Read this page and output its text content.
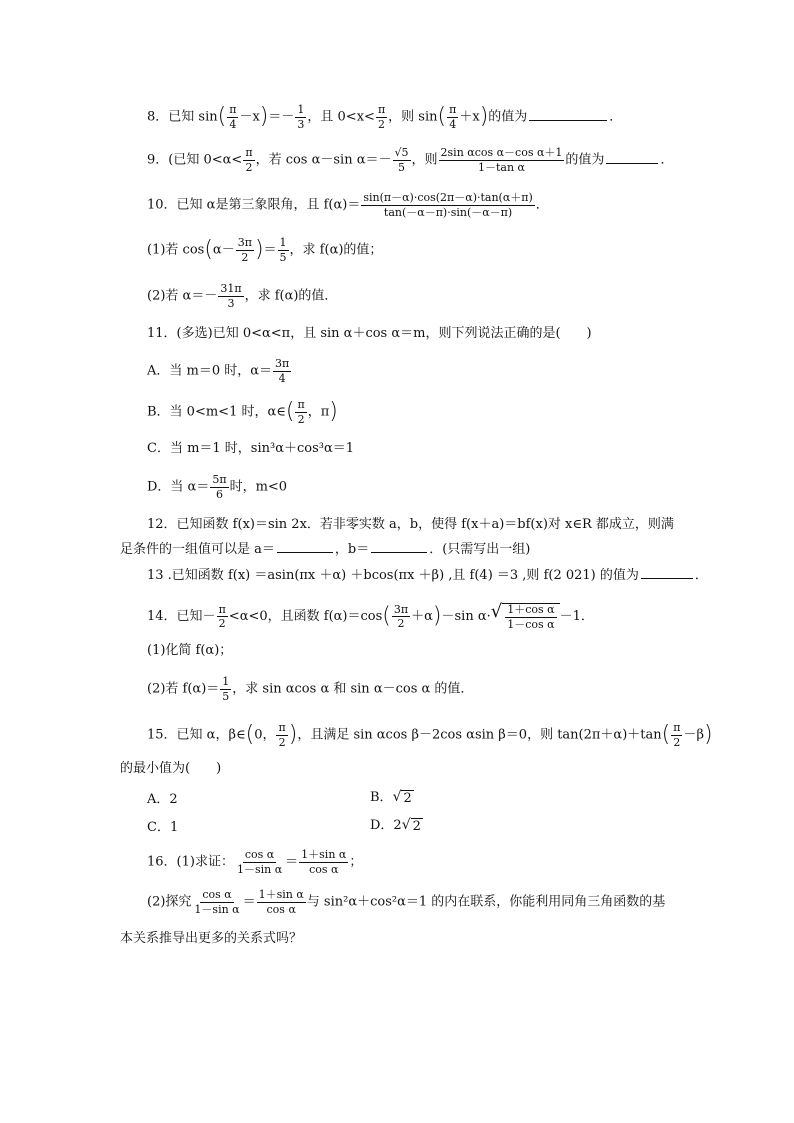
8．已知 $\sin( \frac{\pi}{4} -x)=- \frac{1}{3}$ ，且 $0<x< \frac{\pi}{2}$ ，则 $\sin( \frac{\pi}{4} +x)$的值为	．
9．(已知 $0<\alpha< \frac{\pi}{2}$ ，若 cos α－sin $\alpha=- \frac{√5}{5}$ ，则 $\frac{\text{2sin αcos α－cos α＋1}}{\text{1－tan α}}$ 的值为	．
10．已知 α是第三象限角，且 $f(\alpha)= \frac{\sin(\pi-\alpha)\cdot\cos(2\pi-\alpha)\cdot\tan(\alpha+\pi)}{\tan(-\alpha-\pi)\cdot\sin(-\alpha-\pi)}$ ．
(1)若 $\cos(\alpha- \frac{3\pi}{2}$ )＝ $\frac{1}{5}$ ，求 f(α)的值；
(2)若 $\alpha=- \frac{31\pi}{3}$ ，求 f(α)的值．
11．(多选)已知 0<α<π，且 sin α＋cos α＝m，则下列说法正确的是(　　)
A．当 m＝0 时，$\alpha= \frac{3\pi}{4}$
B．当 0<m<1 时，α∈( $\frac{\pi}{2}$ ，π)
C．当 m＝1 时，sin³α＋cos³α＝1
D．当 $\alpha= \frac{5\pi}{6}$ 时，m<0
12．已知函数 f(x)＝sin 2x．若非零实数 a，b，使得 f(x＋a)＝bf(x)对 x∈R 都成立，则满
足条件的一组值可以是 a＝	，b＝	．(只需写出一组)
13 .已知函数 f(x) ＝asin(πx ＋α) ＋bcos(πx ＋β) ,且 f(4) ＝3 ,则 f(2 021) 的值为	．
14．已知－ $\frac{\pi}{2} <\alpha<0$，且函数 $f(\alpha)=\cos( \frac{3\pi}{2} +\alpha)-\sin$ α· √ $\frac{\text{1＋cos α}}{\text{1－cos α}} -1$．
(1)化简 f(α)；
(2)若 $f(\alpha)= \frac{1}{5}$ ，求 sin αcos α 和 sin α－cos α 的值．
15．已知 α，β∈(0， $\frac{\pi}{2}$ )，且满足 sin αcos β－2cos αsin β＝0，则 $\tan(2\pi+\alpha)+\tan( \frac{\pi}{2} -\beta)$
的最小值为(　　)
A．2	B． √ 2
C．1	D．2 √ 2
16．(1)求证： $\frac{\text{cos α}}{\text{1－sin α}} = \frac{\text{1＋sin α}}{\text{cos α}}$ ；
(2)探究 $\frac{\text{cos α}}{\text{1－sin α}} = \frac{\text{1＋sin α}}{\text{cos α}}$ 与 sin²α＋cos²α＝1 的内在联系，你能利用同角三角函数的基
本关系推导出更多的关系式吗？
